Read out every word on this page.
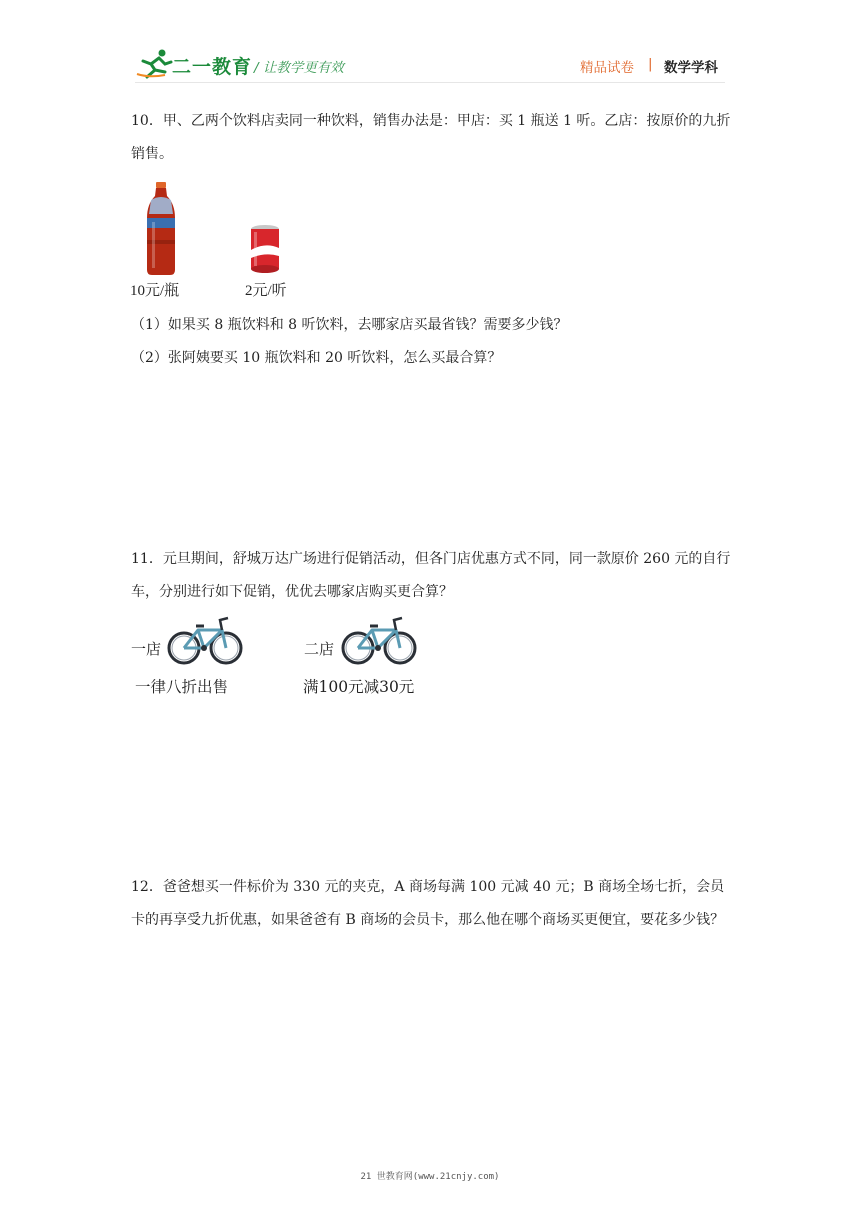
二一教育 / 让教学更有效	精品试卷 | 数学学科
10．甲、乙两个饮料店卖同一种饮料，销售办法是：甲店：买 1 瓶送 1 听。乙店：按原价的九折销售。
10元/瓶	2元/听
（1）如果买 8 瓶饮料和 8 听饮料，去哪家店买最省钱？需要多少钱？
（2）张阿姨要买 10 瓶饮料和 20 听饮料，怎么买最合算？
11．元旦期间，舒城万达广场进行促销活动，但各门店优惠方式不同，同一款原价 260 元的自行车，分别进行如下促销，优优去哪家店购买更合算？
一店	二店
一律八折出售	满100元减30元
12．爸爸想买一件标价为 330 元的夹克，A 商场每满 100 元减 40 元；B 商场全场七折，会员卡的再享受九折优惠，如果爸爸有 B 商场的会员卡，那么他在哪个商场买更便宜，要花多少钱？
21 世教育网(www.21cnjy.com)
